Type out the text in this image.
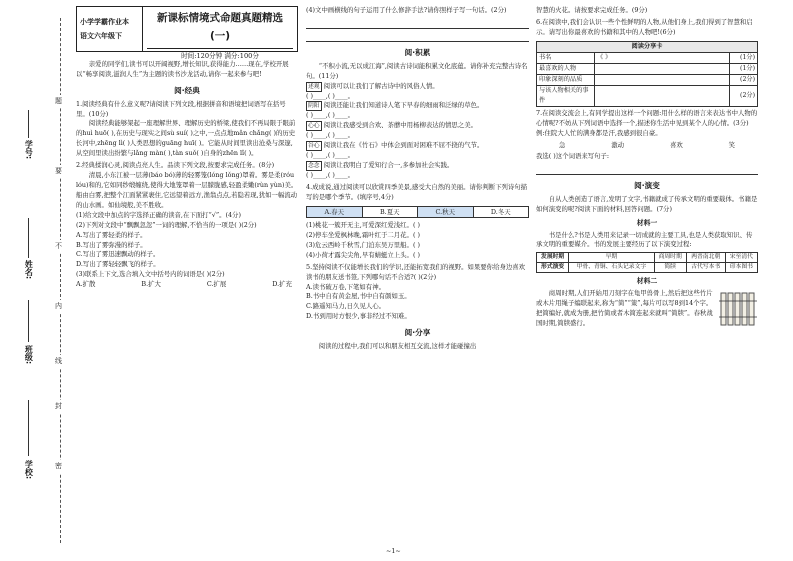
题
要
不
内
线
封
密
学号:
姓名:
班级:
学校:
小学学霸作业本
语文六年级下
新课标情境式命题真题精选(一)
时间:120分钟 满分:100分

亲爱的同学们,读书可以开阔视野,增长知识,获得能力……现在,学校开展以“畅享阅读,滋润人生”为主题的读书沙龙活动,请你一起来参与吧!

阅·经典

1.阅读经典有什么意义呢?请阅读下列文段,根据拼音和语境把词语写在括号里。(10分)

阅读经典能够架起一座理解世界、理解历史的桥梁,使我们不再局限于眼前的huì huō( ),在历史与现实之间sù suí( )之中,一点点地mǎn chǎng( )的历史长河中,zhēng lì( )人类思想的guāng huī( )。它能从时间里读出沧桑与深邃,从空间里读出纷繁与lǎng màn( ),tàn suǒ( )自身的zhēn lǐ( )。

2.经典揉润心灵,阅读点亮人生。品读下列文段,按要求完成任务。(8分)

清晨,小东江被一层薄(báo bó)薄的轻雾笼(lóng lǒng)罩着。雾是柔(róu lóu)和的,它如同纱缎缠绕,使得大地笼罩着一层朦胧感,轻盈柔嫩(rùn yùn)美。船由白雾,把整个江面紧紧裹住,它远望着远方,渔翁点点,若隐若现,犹如一幅流动的山水画。如仙境般,美不胜收。

(1)给文段中加点的字选择正确的读音,在下面打“√”。(4分)

(2)下列对文段中“飘飘忽忽”一词的理解,不恰当的一项是( )(2分)

A.写出了雾轻柔的样子。

B.写出了雾弥漫的样子。

C.写出了雾迅速飘动的样子。

D.写出了雾轻轻飘飞的样子。

(3)联系上下文,选合填入文中括号内的词语是( )(2分)

A.扩散	B.扩大	C.扩展	D.扩充

(4)文中画横线的句子运用了什么修辞手法?请你照样子写一句话。(2分)

阅·积累

“不积小流,无以成江海”,阅读古诗词能积累文化底蕴。请你补充完整古诗名句。(11分)

述观 阅读可以让我们了解古诗中的风俗人情。

( )____,( )____。

阴阳 阅读还能让我们知道诗人笔下早春的细雨和泛绿的草色。

( )____,( )____。

心心 阅读让我感受到合欢、茶蘼中用杨柳表达的情思之美。

( )____,( )____。

谷心 阅读让我在《竹石》中体会到面对困难不屈不挠的气节。

( )____,( )____。

念念 阅读让我明白了爱知行合一,多参加社会实践。

( )____,( )____。

4.成成说,通过阅读可以欣赏四季美景,感受大自然的美丽。请你判断下列诗句描写的是哪个季节。(填序号,4分)

A.春天	B.夏天	C.秋天	D.冬天

(1)桃花一簇开无主,可爱深红爱浅红。( )

(2)停车坐爱枫林晚,霜叶红于二月花。( )

(3)危云西岭千秋雪,门泊东吴万里船。( )

(4)小荷才露尖尖角,早有蜻蜓立上头。( )

5.坚持阅读不仅能增长我们的学识,还能拓宽我们的视野。如果要你给身边喜欢读书的朋友送书签,下列哪句话不合适?( )(2分)

A.读书破万卷,下笔如有神。

B.书中自有黄金屋,书中自有颜如玉。

C.路遥知马力,日久见人心。

D.书到用时方恨少,事非经过不知难。

阅·分享

阅读的过程中,我们可以和朋友相互交流,这样才能碰撞出

智慧的火花。请按要求完成任务。(9分)

6.在阅读中,我们会认识一些个性鲜明的人物,从他们身上,我们得到了智慧和启示。请写出你最喜欢的书籍和其中的人物吧!(6分)

阅读分享卡		
书名	《 》	(1分)
最喜欢的人物		(1分)
印象深刻的品质		(2分)
与该人物相关的事件		(2分)

7.在阅读交流会上,有同学提出这样一个问题:用什么样的语言来表达书中人物的心情呢?不妨从下列词语中选择一个,描述你生活中见到某个人的心情。(3分)

例:住院大人忙的满身都是汗,我感到很自豪。

急	激动	喜欢	笑

我选( )这个词语来写句子:

阅·演变

自从人类创造了语言,发明了文字,书籍就成了传承文明的重要载体。书籍是如何演变的呢?阅读下面的材料,回答问题。(7分)

材料一

书是什么?书是人类用来记录一切成就的主要工具,也是人类获取知识、传承文明的重要媒介。书的发展主要经历了以下演变过程:

发展时期	早期	商周时期	两晋南北朝	宋至清代
形式演变	甲骨、青铜、石头记录文字	简牍	古代写本书	印本图书
材料二

商周时期,人们开始用刀刻字在龟甲兽骨上,然后把这些竹片或木片用绳子编联起来,称为“简”“策”,每片可以写8到14个字。把简编好,就成为册,把竹简或者木简连起来就叫“简牍”。春秋战国时期,简牍盛行。

~1~
